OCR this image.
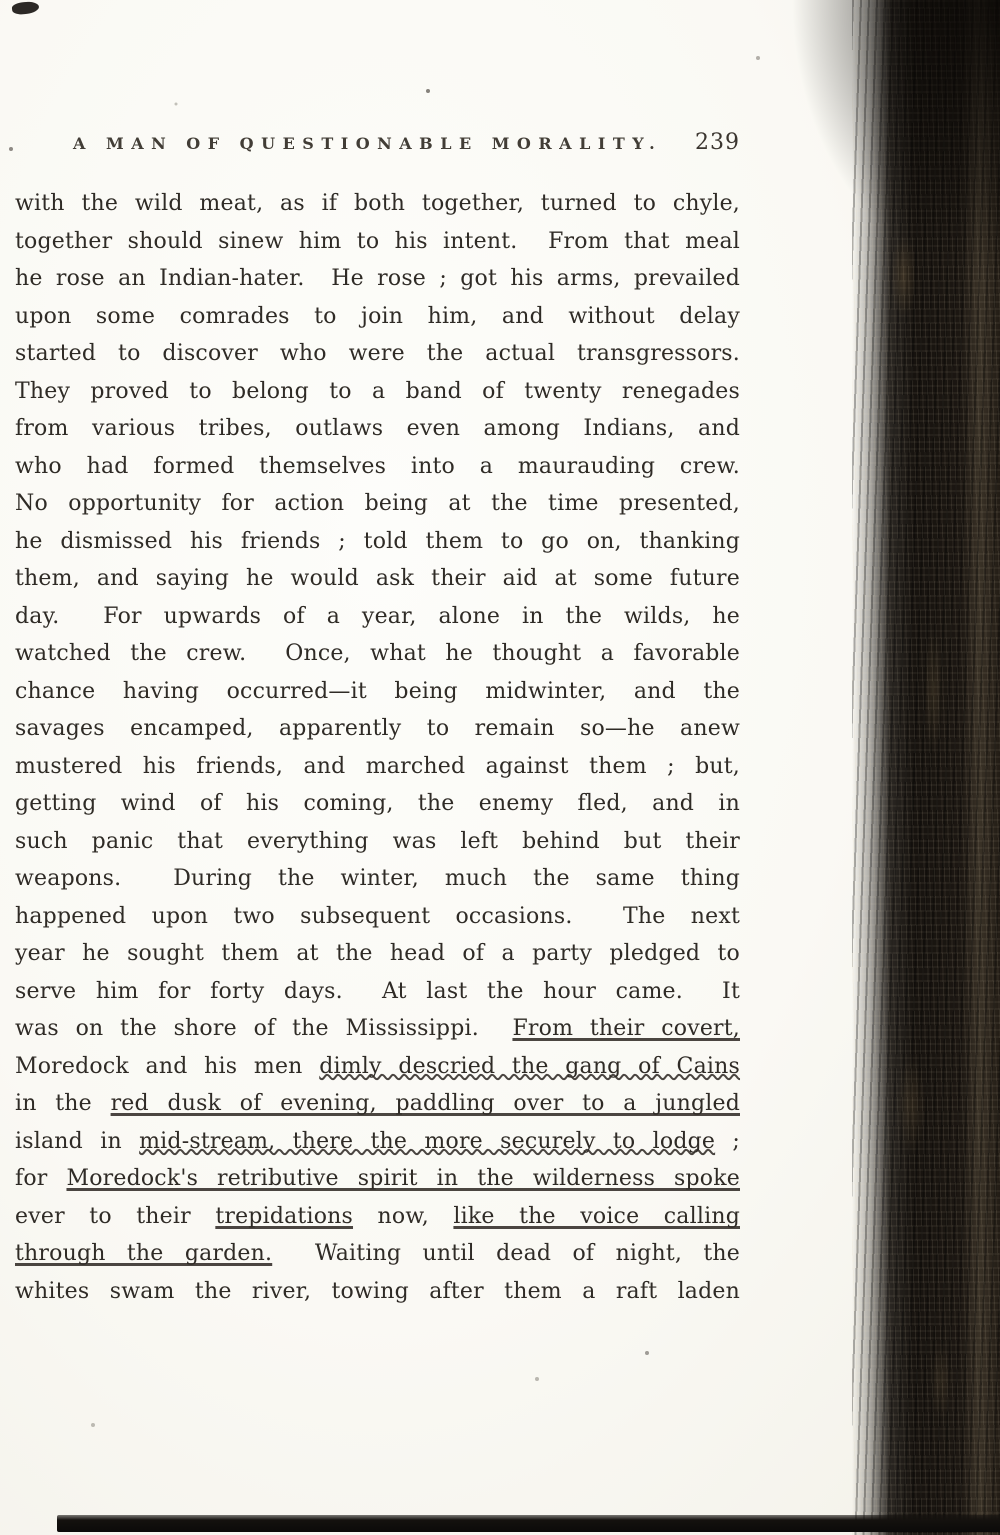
A MAN OF QUESTIONABLE MORALITY. 239
with the wild meat, as if both together, turned to chyle,
together should sinew him to his intent.  From that meal
he rose an Indian-hater.  He rose ; got his arms, prevailed
upon some comrades to join him, and without delay
started to discover who were the actual transgressors.
They proved to belong to a band of twenty renegades
from various tribes, outlaws even among Indians, and
who had formed themselves into a maurauding crew.
No opportunity for action being at the time presented,
he dismissed his friends ; told them to go on, thanking
them, and saying he would ask their aid at some future
day.  For upwards of a year, alone in the wilds, he
watched the crew.  Once, what he thought a favorable
chance having occurred—it being midwinter, and the
savages encamped, apparently to remain so—he anew
mustered his friends, and marched against them ; but,
getting wind of his coming, the enemy fled, and in
such panic that everything was left behind but their
weapons.  During the winter, much the same thing
happened upon two subsequent occasions.  The next
year he sought them at the head of a party pledged to
serve him for forty days.  At last the hour came.  It
was on the shore of the Mississippi.  From their covert,
Moredock and his men dimly descried the gang of Cains
in the red dusk of evening, paddling over to a jungled
island in mid-stream, there the more securely to lodge ;
for Moredock's retributive spirit in the wilderness spoke
ever to their trepidations now, like the voice calling
through the garden.  Waiting until dead of night, the
whites swam the river, towing after them a raft laden
